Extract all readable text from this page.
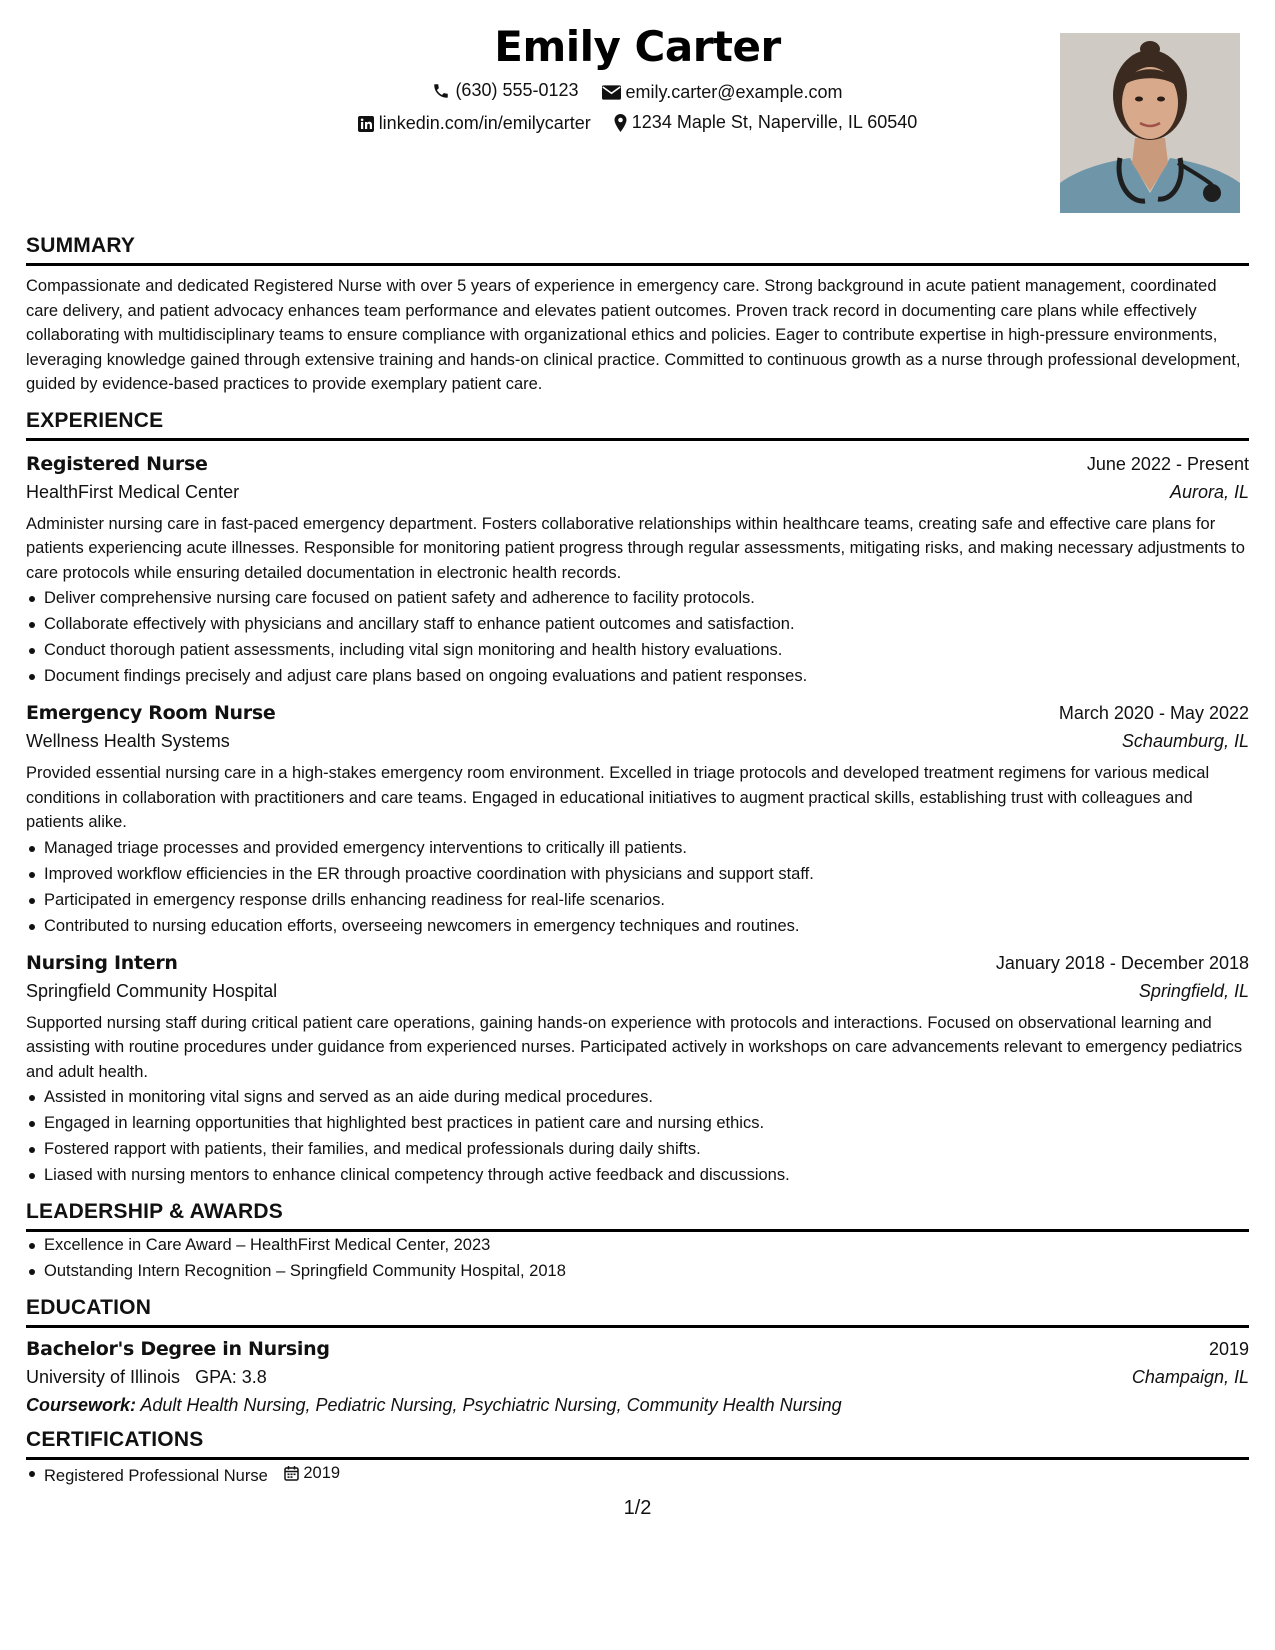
Emily Carter
(630) 555-0123
	emily.carter@example.com
linkedin.com/in/emilycarter
1234 Maple St, Naperville, IL 60540
SUMMARY

Compassionate and dedicated Registered Nurse with over 5 years of experience in emergency care. Strong background in acute patient management, coordinated care delivery, and patient advocacy enhances team performance and elevates patient outcomes. Proven track record in documenting care plans while effectively collaborating with multidisciplinary teams to ensure compliance with organizational ethics and policies. Eager to contribute expertise in high-pressure environments, leveraging knowledge gained through extensive training and hands-on clinical practice. Committed to continuous growth as a nurse through professional development, guided by evidence-based practices to provide exemplary patient care.

EXPERIENCE
Registered Nurse	June 2022 - Present
HealthFirst Medical Center	Aurora, IL

Administer nursing care in fast-paced emergency department. Fosters collaborative relationships within healthcare teams, creating safe and effective care plans for patients experiencing acute illnesses. Responsible for monitoring patient progress through regular assessments, mitigating risks, and making necessary adjustments to care protocols while ensuring detailed documentation in electronic health records.

Deliver comprehensive nursing care focused on patient safety and adherence to facility protocols.
Collaborate effectively with physicians and ancillary staff to enhance patient outcomes and satisfaction.
Conduct thorough patient assessments, including vital sign monitoring and health history evaluations.
Document findings precisely and adjust care plans based on ongoing evaluations and patient responses.
Emergency Room Nurse	March 2020 - May 2022
Wellness Health Systems	Schaumburg, IL

Provided essential nursing care in a high-stakes emergency room environment. Excelled in triage protocols and developed treatment regimens for various medical conditions in collaboration with practitioners and care teams. Engaged in educational initiatives to augment practical skills, establishing trust with colleagues and patients alike.

Managed triage processes and provided emergency interventions to critically ill patients.
Improved workflow efficiencies in the ER through proactive coordination with physicians and support staff.
Participated in emergency response drills enhancing readiness for real-life scenarios.
Contributed to nursing education efforts, overseeing newcomers in emergency techniques and routines.
Nursing Intern	January 2018 - December 2018
Springfield Community Hospital	Springfield, IL

Supported nursing staff during critical patient care operations, gaining hands-on experience with protocols and interactions. Focused on observational learning and assisting with routine procedures under guidance from experienced nurses. Participated actively in workshops on care advancements relevant to emergency pediatrics and adult health.

Assisted in monitoring vital signs and served as an aide during medical procedures.
Engaged in learning opportunities that highlighted best practices in patient care and nursing ethics.
Fostered rapport with patients, their families, and medical professionals during daily shifts.
Liased with nursing mentors to enhance clinical competency through active feedback and discussions.
LEADERSHIP & AWARDS
Excellence in Care Award – HealthFirst Medical Center, 2023
Outstanding Intern Recognition – Springfield Community Hospital, 2018
EDUCATION
Bachelor's Degree in Nursing	2019
University of Illinois GPA: 3.8	Champaign, IL
Coursework: Adult Health Nursing, Pediatric Nursing, Psychiatric Nursing, Community Health Nursing
CERTIFICATIONS
Registered Professional Nurse 2019
1/2
